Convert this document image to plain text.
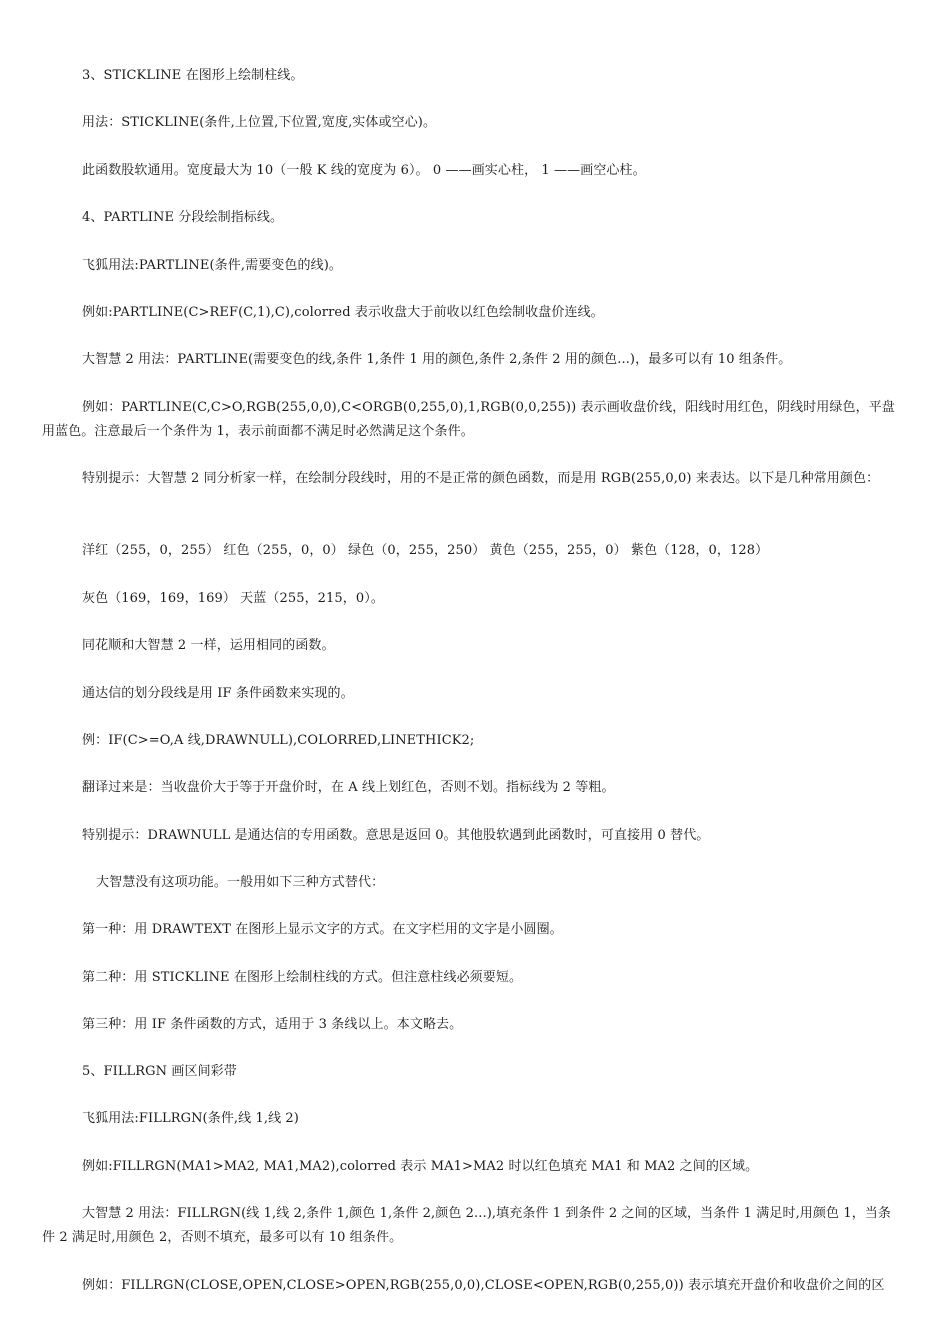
3、STICKLINE 在图形上绘制柱线。
用法：STICKLINE(条件,上位置,下位置,宽度,实体或空心)。
此函数股软通用。宽度最大为 10（一般 K 线的宽度为 6）。 0 ——画实心柱， 1 ——画空心柱。
4、PARTLINE 分段绘制指标线。
飞狐用法:PARTLINE(条件,需要变色的线)。
例如:PARTLINE(C>REF(C,1),C),colorred 表示收盘大于前收以红色绘制收盘价连线。
大智慧 2 用法：PARTLINE(需要变色的线,条件 1,条件 1 用的颜色,条件 2,条件 2 用的颜色...)，最多可以有 10 组条件。
例如：PARTLINE(C,C>O,RGB(255,0,0),C<ORGB(0,255,0),1,RGB(0,0,255)) 表示画收盘价线，阳线时用红色，阴线时用绿色，平盘用蓝色。注意最后一个条件为 1，表示前面都不满足时必然满足这个条件。
特别提示：大智慧 2 同分析家一样，在绘制分段线时，用的不是正常的颜色函数，而是用 RGB(255,0,0) 来表达。以下是几种常用颜色：
洋红（255，0，255） 红色（255，0，0） 绿色（0，255，250） 黄色（255，255，0） 紫色（128，0，128）
灰色（169，169，169） 天蓝（255，215，0）。
同花顺和大智慧 2 一样，运用相同的函数。
通达信的划分段线是用 IF 条件函数来实现的。
例：IF(C>=O,A 线,DRAWNULL),COLORRED,LINETHICK2;
翻译过来是：当收盘价大于等于开盘价时，在 A 线上划红色，否则不划。指标线为 2 等粗。
特别提示：DRAWNULL 是通达信的专用函数。意思是返回 0。其他股软遇到此函数时，可直接用 0 替代。
大智慧没有这项功能。一般用如下三种方式替代：
第一种：用 DRAWTEXT 在图形上显示文字的方式。在文字栏用的文字是小圆圈。
第二种：用 STICKLINE 在图形上绘制柱线的方式。但注意柱线必须要短。
第三种：用 IF 条件函数的方式，适用于 3 条线以上。本文略去。
5、FILLRGN 画区间彩带
飞狐用法:FILLRGN(条件,线 1,线 2)
例如:FILLRGN(MA1>MA2, MA1,MA2),colorred 表示 MA1>MA2 时以红色填充 MA1 和 MA2 之间的区域。
大智慧 2 用法：FILLRGN(线 1,线 2,条件 1,颜色 1,条件 2,颜色 2...),填充条件 1 到条件 2 之间的区域，当条件 1 满足时,用颜色 1，当条件 2 满足时,用颜色 2，否则不填充，最多可以有 10 组条件。
例如：FILLRGN(CLOSE,OPEN,CLOSE>OPEN,RGB(255,0,0),CLOSE<OPEN,RGB(0,255,0)) 表示填充开盘价和收盘价之间的区
